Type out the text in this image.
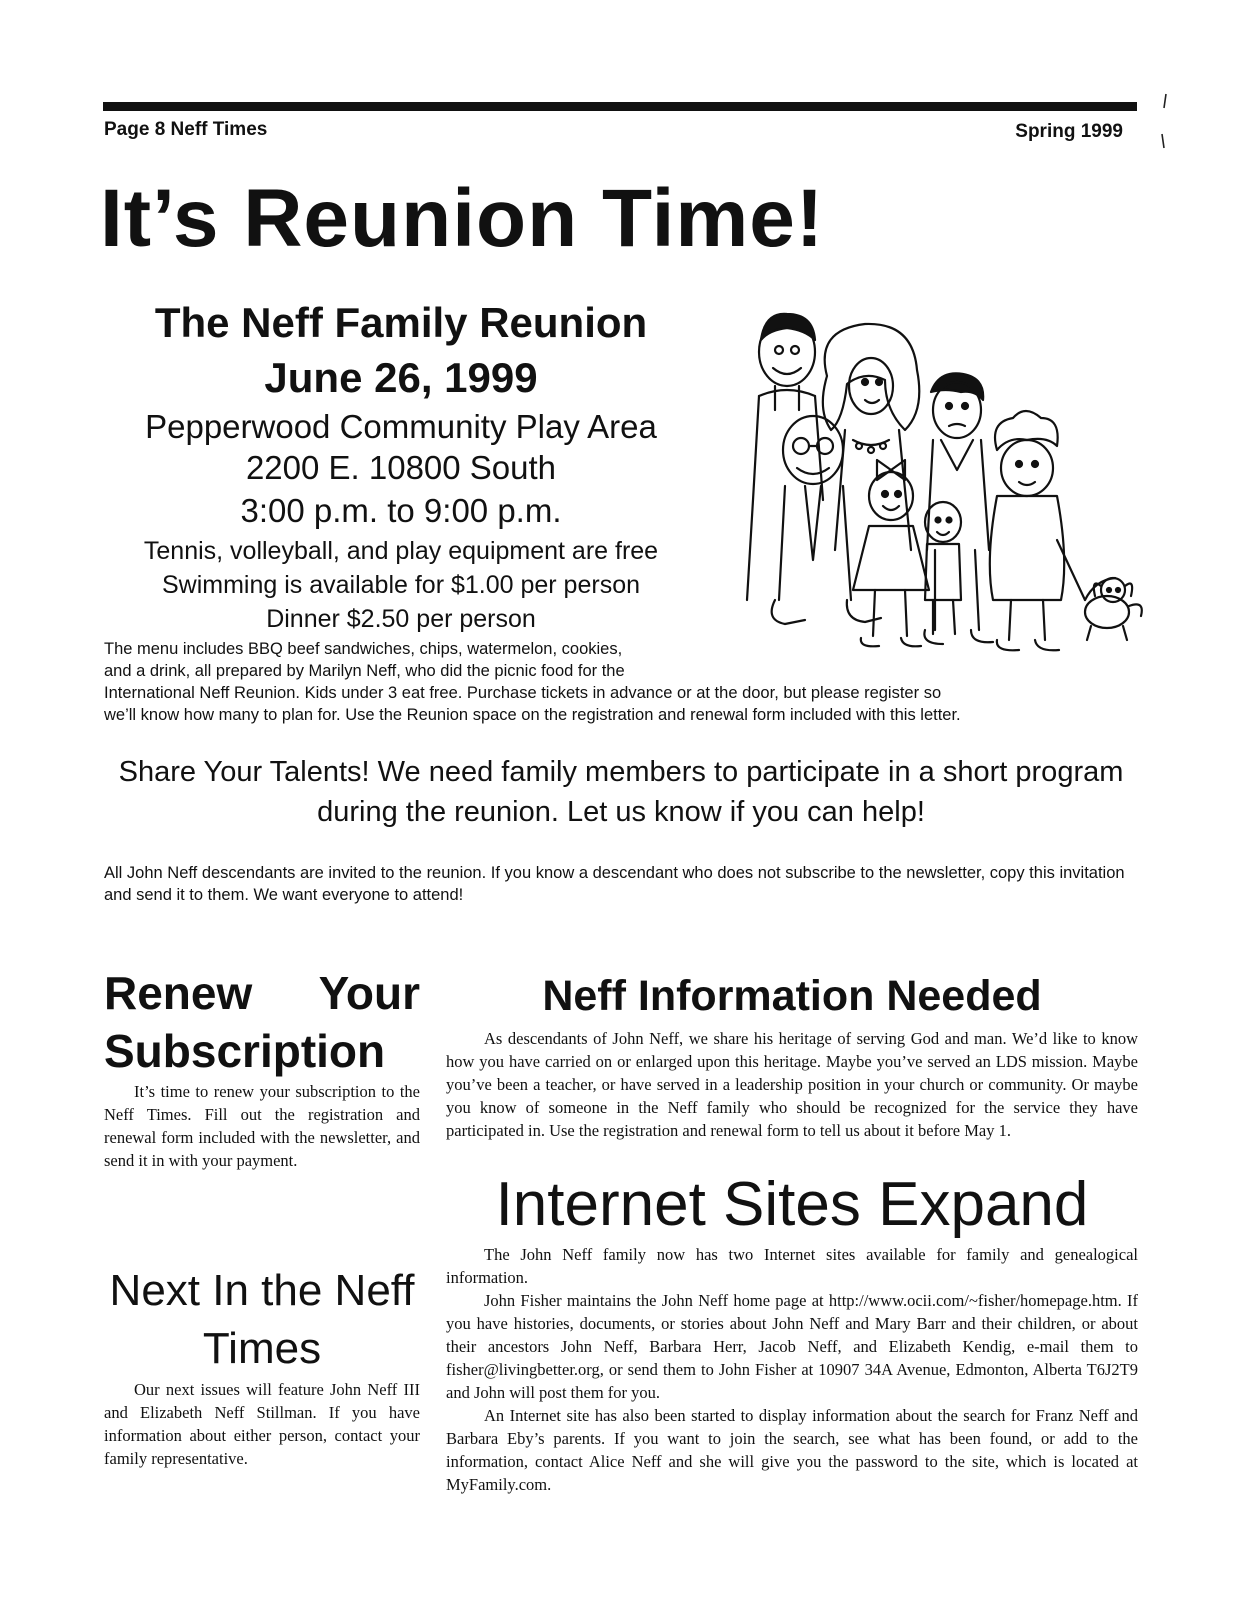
Page 8 Neff Times	Spring 1999
It’s Reunion Time!
The Neff Family Reunion
June 26, 1999
Pepperwood Community Play Area
2200 E. 10800 South
3:00 p.m. to 9:00 p.m.
Tennis, volleyball, and play equipment are free
Swimming is available for $1.00 per person
Dinner $2.50 per person
The menu includes BBQ beef sandwiches, chips, watermelon, cookies,
and a drink, all prepared by Marilyn Neff, who did the picnic food for the
International Neff Reunion. Kids under 3 eat free. Purchase tickets in advance or at the door, but please register so
we’ll know how many to plan for. Use the Reunion space on the registration and renewal form included with this letter.
Share Your Talents! We need family members to participate in a short program during the reunion. Let us know if you can help!
All John Neff descendants are invited to the reunion. If you know a descendant who does not subscribe to the newsletter, copy this invitation and send it to them. We want everyone to attend!
Renew Your Subscription

It’s time to renew your subscription to the Neff Times. Fill out the registration and renewal form included with the newsletter, and send it in with your payment.

Next In the Neff Times

Our next issues will feature John Neff III and Elizabeth Neff Stillman. If you have information about either person, contact your family representative.

Neff Information Needed

As descendants of John Neff, we share his heritage of serving God and man. We’d like to know how you have carried on or enlarged upon this heritage. Maybe you’ve served an LDS mission. Maybe you’ve been a teacher, or have served in a leadership position in your church or community. Or maybe you know of someone in the Neff family who should be recognized for the service they have participated in. Use the registration and renewal form to tell us about it before May 1.

Internet Sites Expand

The John Neff family now has two Internet sites available for family and genealogical information.

John Fisher maintains the John Neff home page at http://www.ocii.com/~fisher/homepage.htm. If you have histories, documents, or stories about John Neff and Mary Barr and their children, or about their ancestors John Neff, Barbara Herr, Jacob Neff, and Elizabeth Kendig, e-mail them to fisher@livingbetter.org, or send them to John Fisher at 10907 34A Avenue, Edmonton, Alberta T6J2T9 and John will post them for you.

An Internet site has also been started to display information about the search for Franz Neff and Barbara Eby’s parents. If you want to join the search, see what has been found, or add to the information, contact Alice Neff and she will give you the password to the site, which is located at MyFamily.com.
